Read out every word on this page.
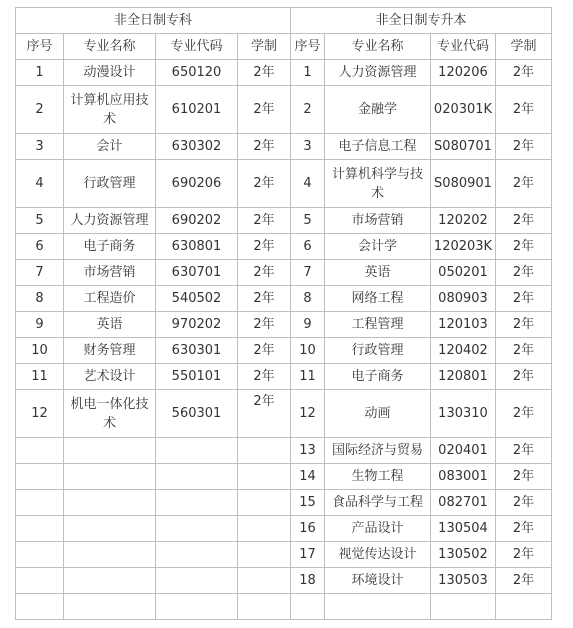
非全日制专科				非全日制专升本			
序号	专业名称	专业代码	学制	序号	专业名称	专业代码	学制
1	动漫设计	650120	2年	1	人力资源管理	120206	2年
2	计算机应用技术	610201	2年	2	金融学	020301K	2年
3	会计	630302	2年	3	电子信息工程	S080701	2年
4	行政管理	690206	2年	4	计算机科学与技术	S080901	2年
5	人力资源管理	690202	2年	5	市场营销	120202	2年
6	电子商务	630801	2年	6	会计学	120203K	2年
7	市场营销	630701	2年	7	英语	050201	2年
8	工程造价	540502	2年	8	网络工程	080903	2年
9	英语	970202	2年	9	工程管理	120103	2年
10	财务管理	630301	2年	10	行政管理	120402	2年
11	艺术设计	550101	2年	11	电子商务	120801	2年
12	机电一体化技术	560301	2年	12	动画	130310	2年
				13	国际经济与贸易	020401	2年
				14	生物工程	083001	2年
				15	食品科学与工程	082701	2年
				16	产品设计	130504	2年
				17	视觉传达设计	130502	2年
				18	环境设计	130503	2年
